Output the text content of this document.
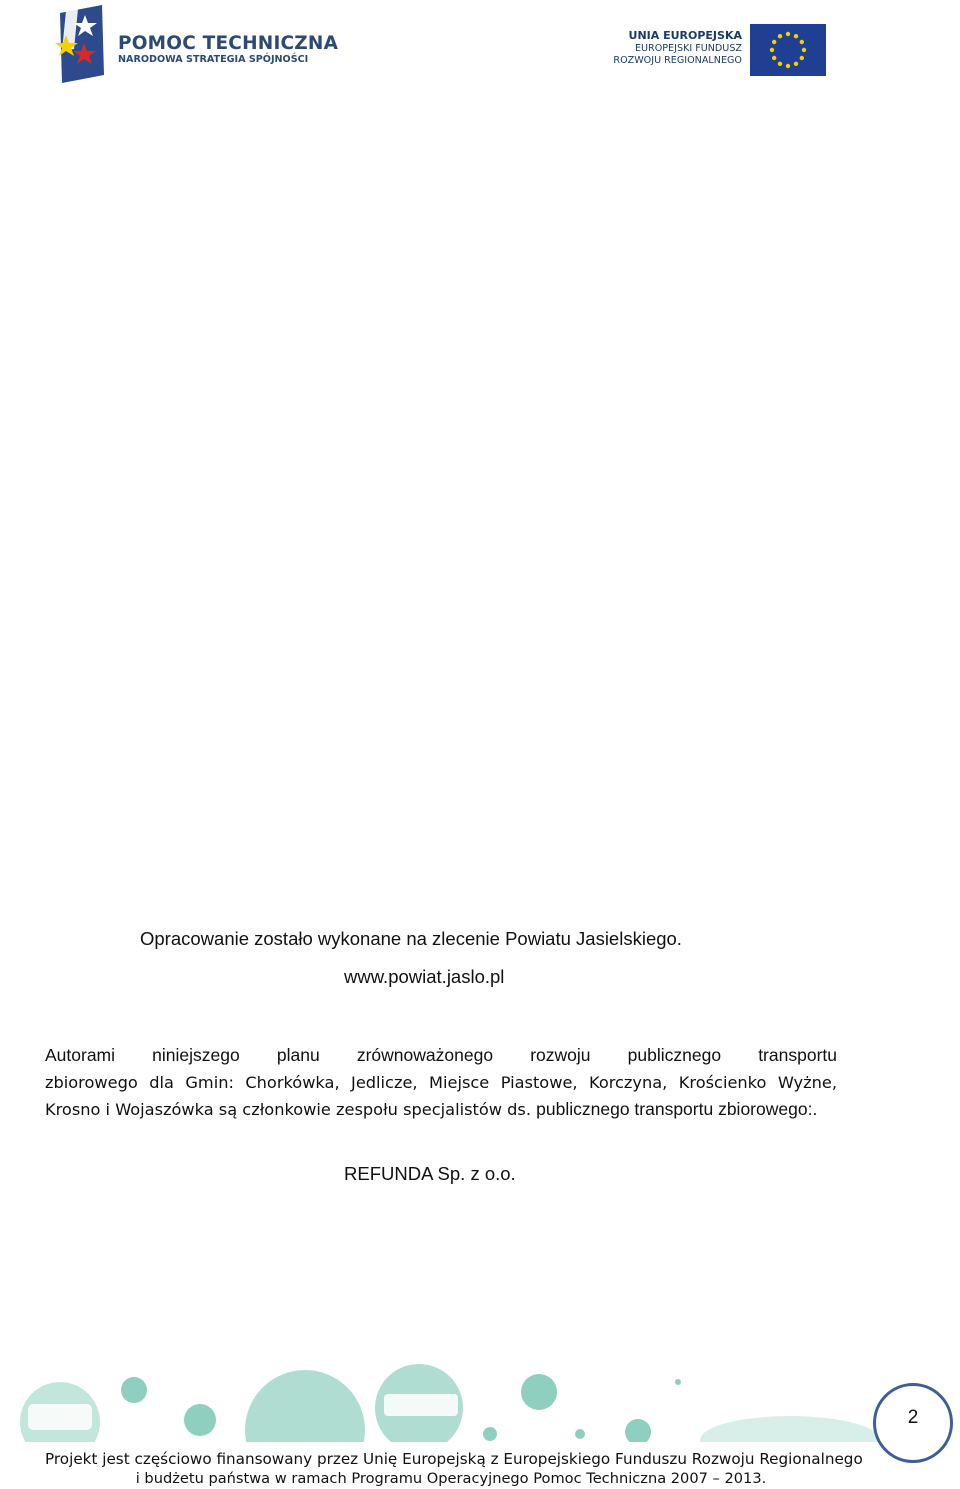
POMOC TECHNICZNA
NARODOWA STRATEGIA SPÓJNOŚCI
UNIA EUROPEJSKA
EUROPEJSKI FUNDUSZ
ROZWOJU REGIONALNEGO
Opracowanie zostało wykonane na zlecenie Powiatu Jasielskiego.
www.powiat.jaslo.pl
Autorami niniejszego planu zrównoważonego rozwoju publicznego transportu
zbiorowego dla Gmin: Chorkówka, Jedlicze, Miejsce Piastowe, Korczyna, Krościenko Wyżne, Krosno i Wojaszówka są członkowie zespołu specjalistów ds. publicznego transportu zbiorowego:.
REFUNDA Sp. z o.o.
2
Projekt jest częściowo finansowany przez Unię Europejską z Europejskiego Funduszu Rozwoju Regionalnego
i budżetu państwa w ramach Programu Operacyjnego Pomoc Techniczna 2007 – 2013.
